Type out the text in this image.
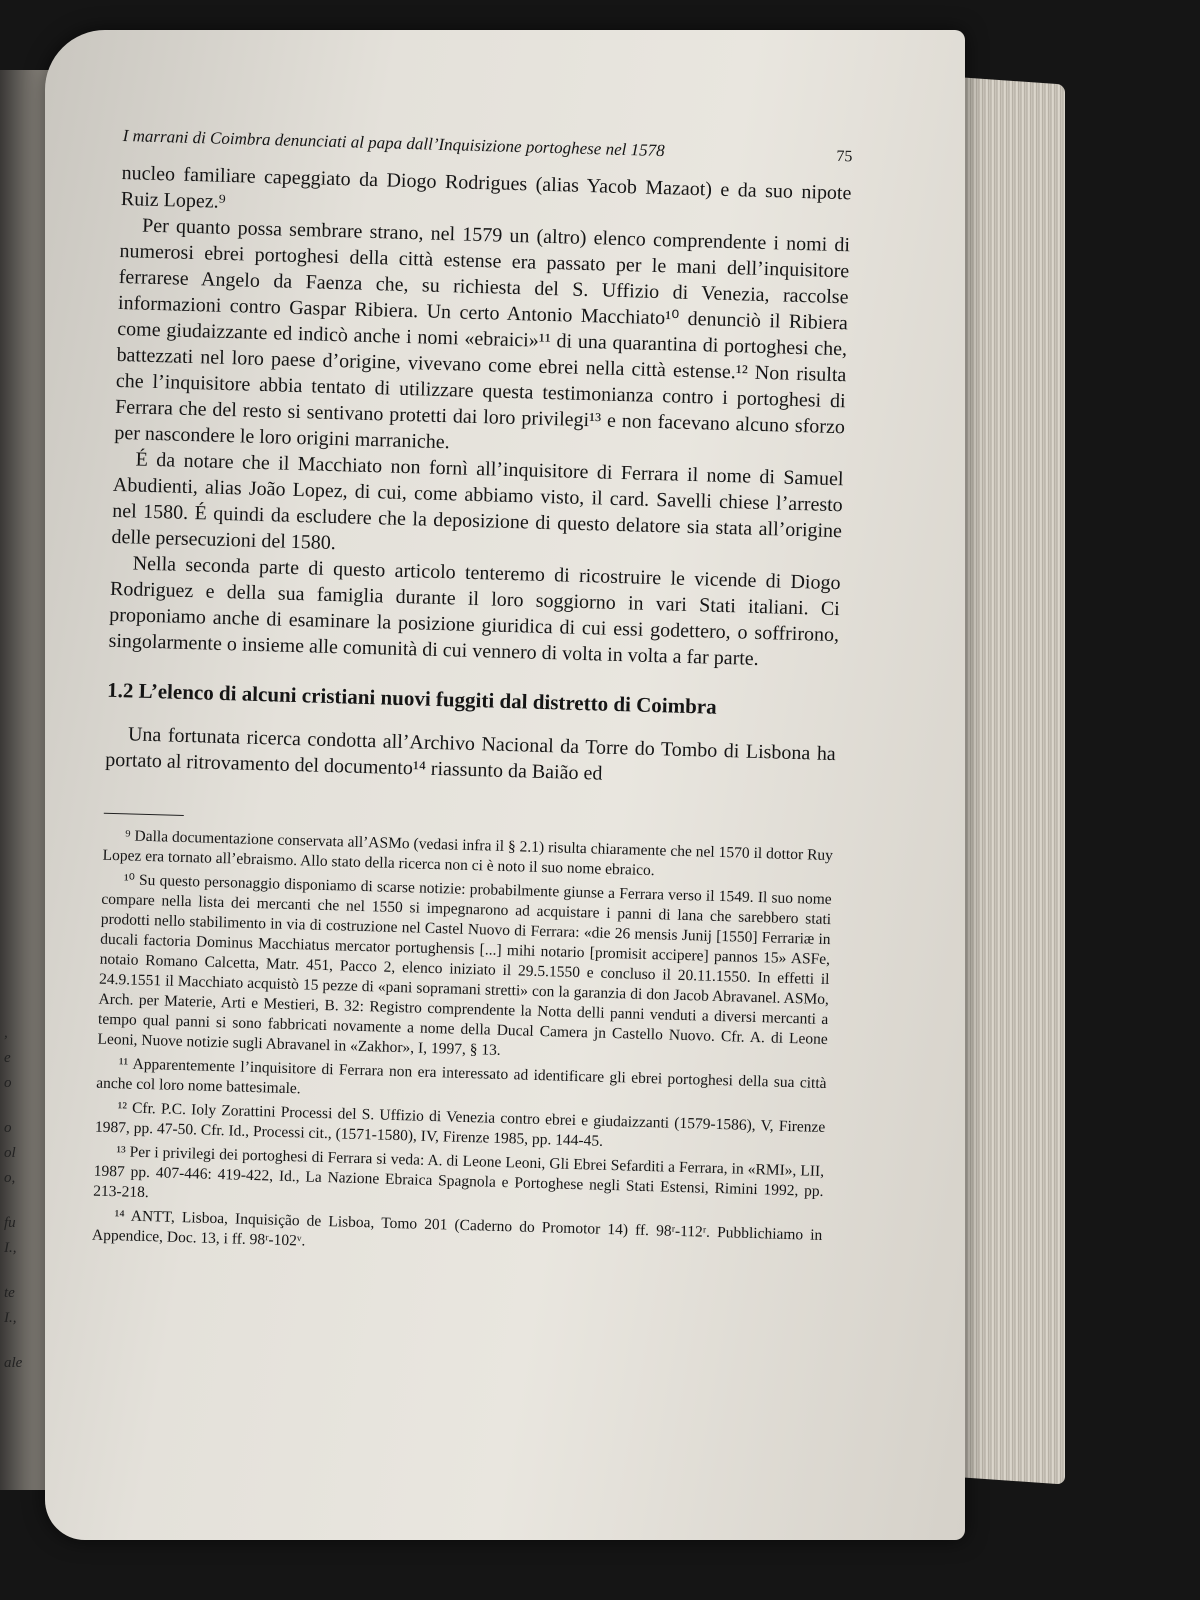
,
e
o
o
ol
o,
fu
I.,
te
I.,
ale
I marrani di Coimbra denunciati al papa dall’Inquisizione portoghese nel 1578	75

nucleo familiare capeggiato da Diogo Rodrigues (alias Yacob Mazaot) e da suo nipote Ruiz Lopez.⁹

Per quanto possa sembrare strano, nel 1579 un (altro) elenco comprendente i nomi di numerosi ebrei portoghesi della città estense era passato per le mani dell’inquisitore ferrarese Angelo da Faenza che, su richiesta del S. Uffizio di Venezia, raccolse informazioni contro Gaspar Ribiera. Un certo Antonio Macchiato¹⁰ denunciò il Ribiera come giudaizzante ed indicò anche i nomi «ebraici»¹¹ di una quarantina di portoghesi che, battezzati nel loro paese d’origine, vivevano come ebrei nella città estense.¹² Non risulta che l’inquisitore abbia tentato di utilizzare questa testimonianza contro i portoghesi di Ferrara che del resto si sentivano protetti dai loro privilegi¹³ e non facevano alcuno sforzo per nascondere le loro origini marraniche.

É da notare che il Macchiato non fornì all’inquisitore di Ferrara il nome di Samuel Abudienti, alias João Lopez, di cui, come abbiamo visto, il card. Savelli chiese l’arresto nel 1580. É quindi da escludere che la deposizione di questo delatore sia stata all’origine delle persecuzioni del 1580.

Nella seconda parte di questo articolo tenteremo di ricostruire le vicende di Diogo Rodriguez e della sua famiglia durante il loro soggiorno in vari Stati italiani. Ci proponiamo anche di esaminare la posizione giuridica di cui essi godettero, o soffrirono, singolarmente o insieme alle comunità di cui vennero di volta in volta a far parte.

1.2 L’elenco di alcuni cristiani nuovi fuggiti dal distretto di Coimbra

Una fortunata ricerca condotta all’Archivo Nacional da Torre do Tombo di Lisbona ha portato al ritrovamento del documento¹⁴ riassunto da Baião ed

⁹ Dalla documentazione conservata all’ASMo (vedasi infra il § 2.1) risulta chiaramente che nel 1570 il dottor Ruy Lopez era tornato all’ebraismo. Allo stato della ricerca non ci è noto il suo nome ebraico.

¹⁰ Su questo personaggio disponiamo di scarse notizie: probabilmente giunse a Ferrara verso il 1549. Il suo nome compare nella lista dei mercanti che nel 1550 si impegnarono ad acquistare i panni di lana che sarebbero stati prodotti nello stabilimento in via di costruzione nel Castel Nuovo di Ferrara: «die 26 mensis Junij [1550] Ferrariæ in ducali factoria Dominus Macchiatus mercator portughensis [...] mihi notario [promisit accipere] pannos 15» ASFe, notaio Romano Calcetta, Matr. 451, Pacco 2, elenco iniziato il 29.5.1550 e concluso il 20.11.1550. In effetti il 24.9.1551 il Macchiato acquistò 15 pezze di «pani sopramani stretti» con la garanzia di don Jacob Abravanel. ASMo, Arch. per Materie, Arti e Mestieri, B. 32: Registro comprendente la Notta delli panni venduti a diversi mercanti a tempo qual panni si sono fabbricati novamente a nome della Ducal Camera jn Castello Nuovo. Cfr. A. di Leone Leoni, Nuove notizie sugli Abravanel in «Zakhor», I, 1997, § 13.

¹¹ Apparentemente l’inquisitore di Ferrara non era interessato ad identificare gli ebrei portoghesi della sua città anche col loro nome battesimale.

¹² Cfr. P.C. Ioly Zorattini Processi del S. Uffizio di Venezia contro ebrei e giudaizzanti (1579-1586), V, Firenze 1987, pp. 47-50. Cfr. Id., Processi cit., (1571-1580), IV, Firenze 1985, pp. 144-45.

¹³ Per i privilegi dei portoghesi di Ferrara si veda: A. di Leone Leoni, Gli Ebrei Sefarditi a Ferrara, in «RMI», LII, 1987 pp. 407-446: 419-422, Id., La Nazione Ebraica Spagnola e Portoghese negli Stati Estensi, Rimini 1992, pp. 213-218.

¹⁴ ANTT, Lisboa, Inquisição de Lisboa, Tomo 201 (Caderno do Promotor 14) ff. 98ʳ-112ʳ. Pubblichiamo in Appendice, Doc. 13, i ff. 98ʳ-102ᵛ.
